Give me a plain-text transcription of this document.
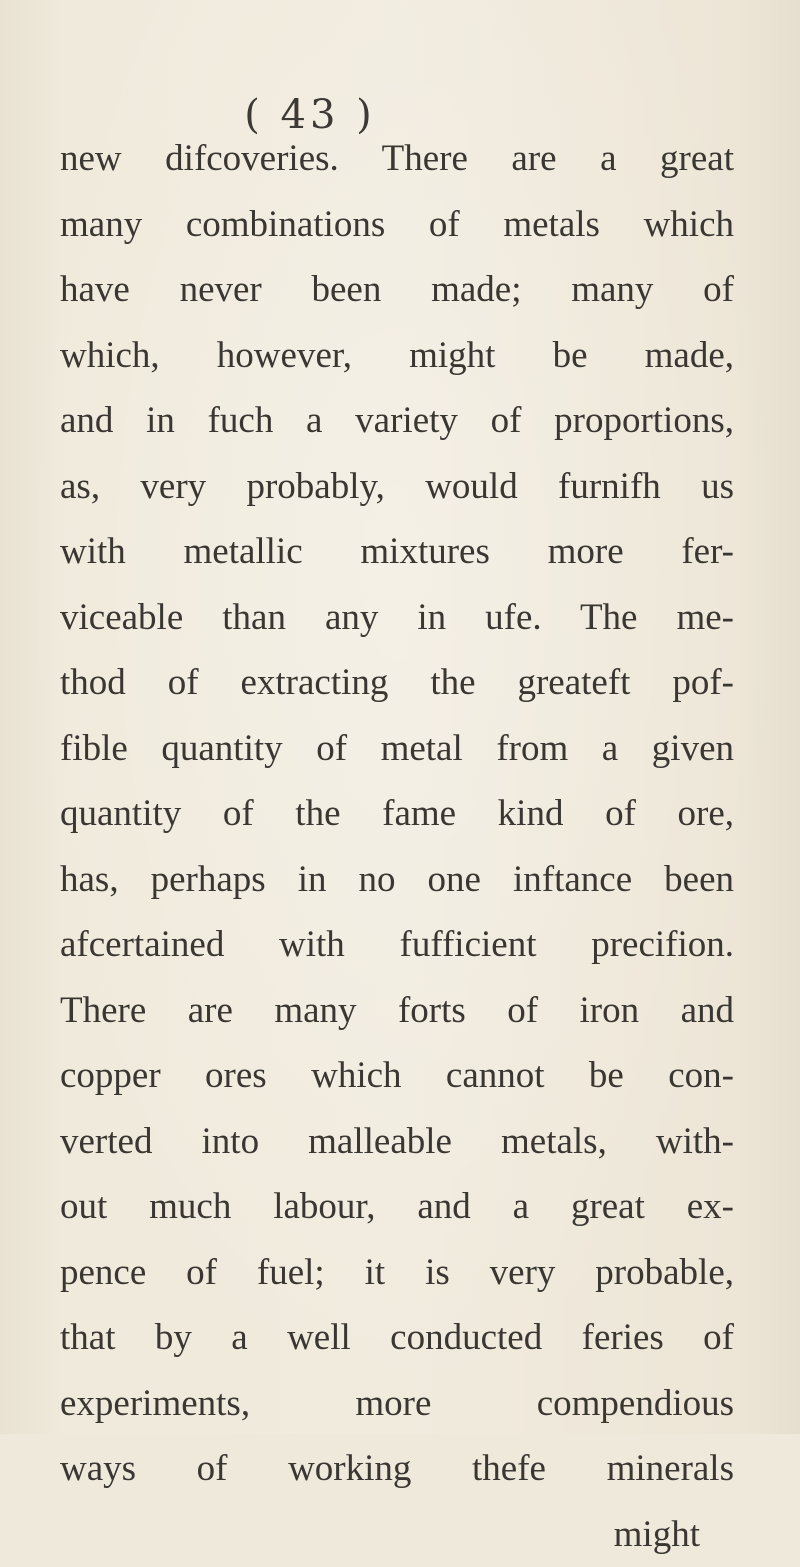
( 43 )
new difcoveries. There are a great
many combinations of metals which
have never been made; many of
which, however, might be made,
and in fuch a variety of proportions,
as, very probably, would furnifh us
with metallic mixtures more fer-
viceable than any in ufe. The me-
thod of extracting the greateft pof-
fible quantity of metal from a given
quantity of the fame kind of ore,
has, perhaps in no one inftance been
afcertained with fufficient precifion.
There are many forts of iron and
copper ores which cannot be con-
verted into malleable metals, with-
out much labour, and a great ex-
pence of fuel; it is very probable,
that by a well conducted feries of
experiments, more compendious
ways of working thefe minerals
might
